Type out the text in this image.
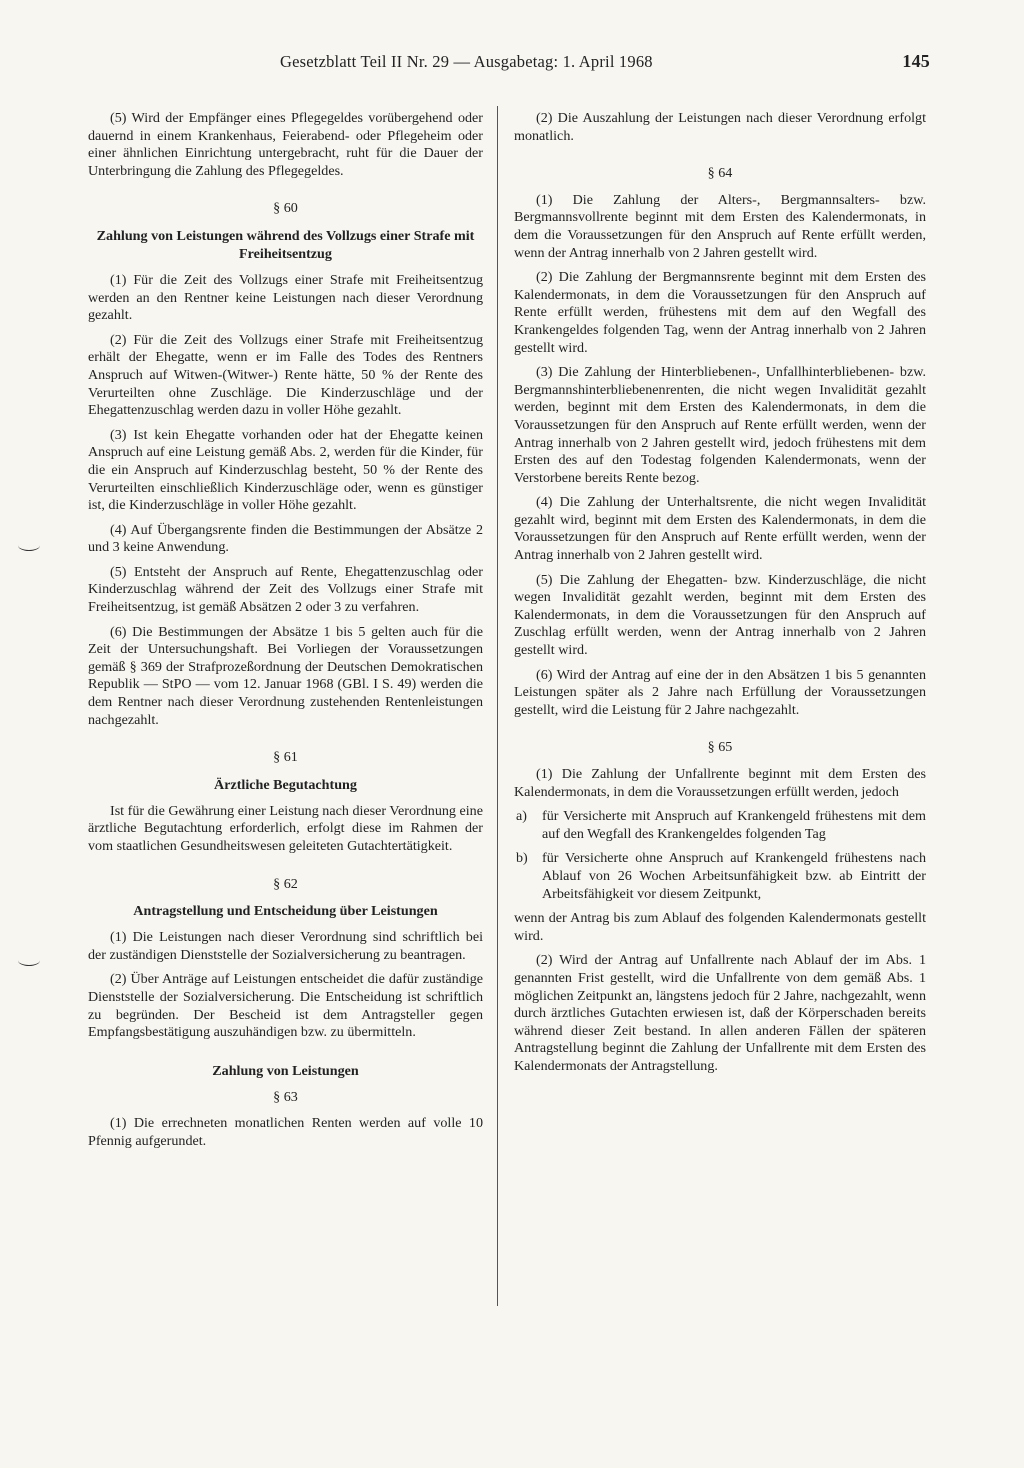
Gesetzblatt Teil II Nr. 29 — Ausgabetag: 1. April 1968	145

(5) Wird der Empfänger eines Pflegegeldes vorübergehend oder dauernd in einem Krankenhaus, Feierabend- oder Pflegeheim oder einer ähnlichen Einrichtung untergebracht, ruht für die Dauer der Unterbringung die Zahlung des Pflegegeldes.

§ 60
Zahlung von Leistungen während des Vollzugs einer Strafe mit Freiheitsentzug

(1) Für die Zeit des Vollzugs einer Strafe mit Freiheitsentzug werden an den Rentner keine Leistungen nach dieser Verordnung gezahlt.

(2) Für die Zeit des Vollzugs einer Strafe mit Freiheitsentzug erhält der Ehegatte, wenn er im Falle des Todes des Rentners Anspruch auf Witwen-(Witwer-) Rente hätte, 50 % der Rente des Verurteilten ohne Zuschläge. Die Kinderzuschläge und der Ehegattenzuschlag werden dazu in voller Höhe gezahlt.

(3) Ist kein Ehegatte vorhanden oder hat der Ehegatte keinen Anspruch auf eine Leistung gemäß Abs. 2, werden für die Kinder, für die ein Anspruch auf Kinderzuschlag besteht, 50 % der Rente des Verurteilten einschließlich Kinderzuschläge oder, wenn es günstiger ist, die Kinderzuschläge in voller Höhe gezahlt.

(4) Auf Übergangsrente finden die Bestimmungen der Absätze 2 und 3 keine Anwendung.

(5) Entsteht der Anspruch auf Rente, Ehegattenzuschlag oder Kinderzuschlag während der Zeit des Vollzugs einer Strafe mit Freiheitsentzug, ist gemäß Absätzen 2 oder 3 zu verfahren.

(6) Die Bestimmungen der Absätze 1 bis 5 gelten auch für die Zeit der Untersuchungshaft. Bei Vorliegen der Voraussetzungen gemäß § 369 der Strafprozeßordnung der Deutschen Demokratischen Republik — StPO — vom 12. Januar 1968 (GBl. I S. 49) werden die dem Rentner nach dieser Verordnung zustehenden Rentenleistungen nachgezahlt.

§ 61
Ärztliche Begutachtung

Ist für die Gewährung einer Leistung nach dieser Verordnung eine ärztliche Begutachtung erforderlich, erfolgt diese im Rahmen der vom staatlichen Gesundheitswesen geleiteten Gutachtertätigkeit.

§ 62
Antragstellung und Entscheidung über Leistungen

(1) Die Leistungen nach dieser Verordnung sind schriftlich bei der zuständigen Dienststelle der Sozialversicherung zu beantragen.

(2) Über Anträge auf Leistungen entscheidet die dafür zuständige Dienststelle der Sozialversicherung. Die Entscheidung ist schriftlich zu begründen. Der Bescheid ist dem Antragsteller gegen Empfangsbestätigung auszuhändigen bzw. zu übermitteln.

Zahlung von Leistungen
§ 63

(1) Die errechneten monatlichen Renten werden auf volle 10 Pfennig aufgerundet.

(2) Die Auszahlung der Leistungen nach dieser Verordnung erfolgt monatlich.

§ 64

(1) Die Zahlung der Alters-, Bergmannsalters- bzw. Bergmannsvollrente beginnt mit dem Ersten des Kalendermonats, in dem die Voraussetzungen für den Anspruch auf Rente erfüllt werden, wenn der Antrag innerhalb von 2 Jahren gestellt wird.

(2) Die Zahlung der Bergmannsrente beginnt mit dem Ersten des Kalendermonats, in dem die Voraussetzungen für den Anspruch auf Rente erfüllt werden, frühestens mit dem auf den Wegfall des Krankengeldes folgenden Tag, wenn der Antrag innerhalb von 2 Jahren gestellt wird.

(3) Die Zahlung der Hinterbliebenen-, Unfallhinterbliebenen- bzw. Bergmannshinterbliebenenrenten, die nicht wegen Invalidität gezahlt werden, beginnt mit dem Ersten des Kalendermonats, in dem die Voraussetzungen für den Anspruch auf Rente erfüllt werden, wenn der Antrag innerhalb von 2 Jahren gestellt wird, jedoch frühestens mit dem Ersten des auf den Todestag folgenden Kalendermonats, wenn der Verstorbene bereits Rente bezog.

(4) Die Zahlung der Unterhaltsrente, die nicht wegen Invalidität gezahlt wird, beginnt mit dem Ersten des Kalendermonats, in dem die Voraussetzungen für den Anspruch auf Rente erfüllt werden, wenn der Antrag innerhalb von 2 Jahren gestellt wird.

(5) Die Zahlung der Ehegatten- bzw. Kinderzuschläge, die nicht wegen Invalidität gezahlt werden, beginnt mit dem Ersten des Kalendermonats, in dem die Voraussetzungen für den Anspruch auf Zuschlag erfüllt werden, wenn der Antrag innerhalb von 2 Jahren gestellt wird.

(6) Wird der Antrag auf eine der in den Absätzen 1 bis 5 genannten Leistungen später als 2 Jahre nach Erfüllung der Voraussetzungen gestellt, wird die Leistung für 2 Jahre nachgezahlt.

§ 65

(1) Die Zahlung der Unfallrente beginnt mit dem Ersten des Kalendermonats, in dem die Voraussetzungen erfüllt werden, jedoch

a)	für Versicherte mit Anspruch auf Krankengeld frühestens mit dem auf den Wegfall des Krankengeldes folgenden Tag
b)	für Versicherte ohne Anspruch auf Krankengeld frühestens nach Ablauf von 26 Wochen Arbeitsunfähigkeit bzw. ab Eintritt der Arbeitsfähigkeit vor diesem Zeitpunkt,

wenn der Antrag bis zum Ablauf des folgenden Kalendermonats gestellt wird.

(2) Wird der Antrag auf Unfallrente nach Ablauf der im Abs. 1 genannten Frist gestellt, wird die Unfallrente von dem gemäß Abs. 1 möglichen Zeitpunkt an, längstens jedoch für 2 Jahre, nachgezahlt, wenn durch ärztliches Gutachten erwiesen ist, daß der Körperschaden bereits während dieser Zeit bestand. In allen anderen Fällen der späteren Antragstellung beginnt die Zahlung der Unfallrente mit dem Ersten des Kalendermonats der Antragstellung.
